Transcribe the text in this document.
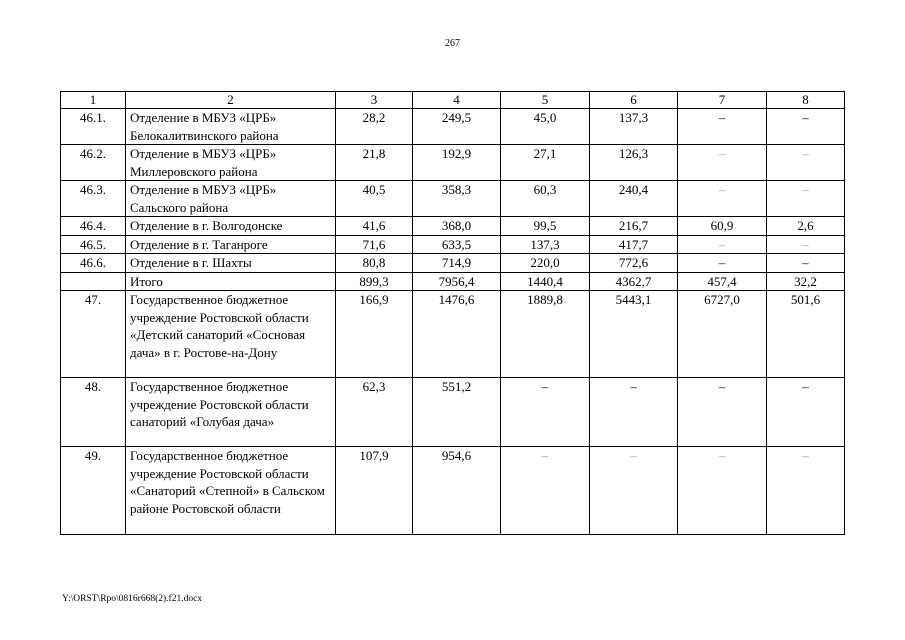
267
1	2	3	4	5	6	7	8
46.1.	Отделение в МБУЗ «ЦРБ» Белокалитвинского района	28,2	249,5	45,0	137,3	–	–
46.2.	Отделение в МБУЗ «ЦРБ» Миллеровского района	21,8	192,9	27,1	126,3	–	–
46.3.	Отделение в МБУЗ «ЦРБ» Сальского района	40,5	358,3	60,3	240,4	–	–
46.4.	Отделение в г. Волгодонске	41,6	368,0	99,5	216,7	60,9	2,6
46.5.	Отделение в г. Таганроге	71,6	633,5	137,3	417,7	–	–
46.6.	Отделение в г. Шахты	80,8	714,9	220,0	772,6	–	–
	Итого	899,3	7956,4	1440,4	4362,7	457,4	32,2
47.	Государственное бюджетное учреждение Ростовской области «Детский санаторий «Сосновая дача» в г. Ростове-на-Дону	166,9	1476,6	1889,8	5443,1	6727,0	501,6
48.	Государственное бюджетное учреждение Ростовской области санаторий «Голубая дача»	62,3	551,2	–	–	–	–
49.	Государственное бюджетное учреждение Ростовской области «Санаторий «Степной» в Сальском районе Ростовской области	107,9	954,6	–	–	–	–
Y:\ORST\Rpo\0816r668(2).f21.docx
